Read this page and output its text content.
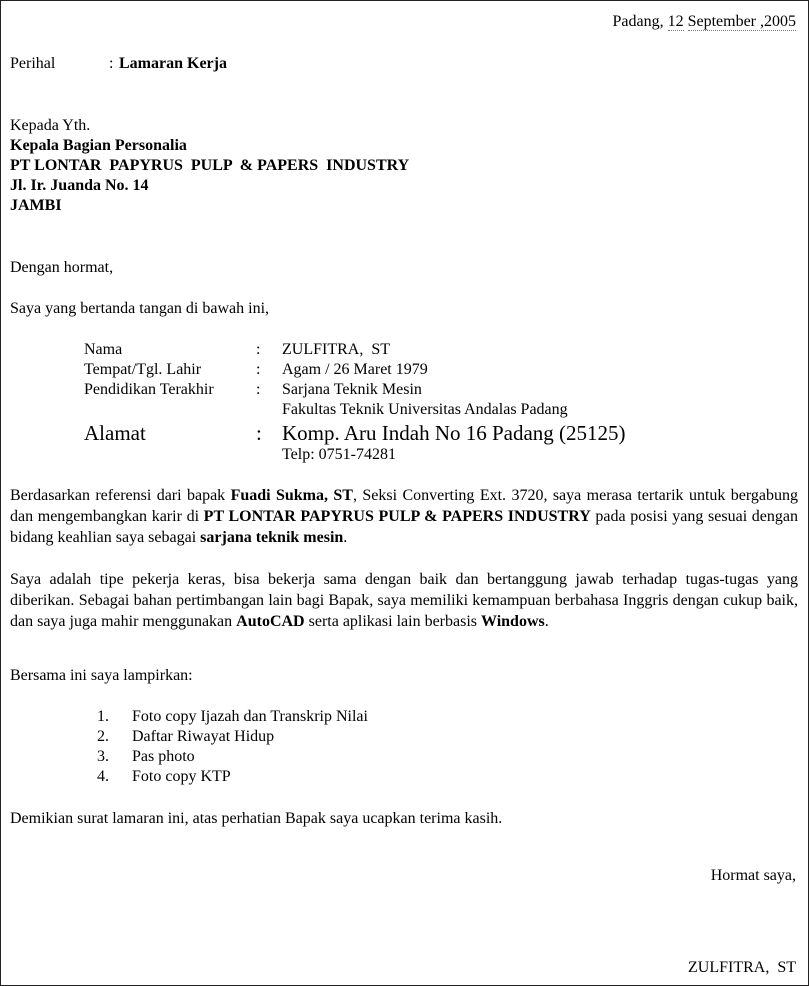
Padang, 12 September ,2005
Perihal	: Lamaran Kerja
Kepada Yth.
Kepala Bagian Personalia
PT LONTAR  PAPYRUS  PULP  & PAPERS  INDUSTRY
Jl. Ir. Juanda No. 14
JAMBI
Dengan hormat,
Saya yang bertanda tangan di bawah ini,
Nama	: ZULFITRA,  ST
Tempat/Tgl. Lahir	: Agam / 26 Maret 1979
Pendidikan Terakhir	: Sarjana Teknik Mesin
Fakultas Teknik Universitas Andalas Padang
Alamat	: Komp. Aru Indah No 16 Padang (25125)
Telp: 0751-74281
Berdasarkan referensi dari bapak Fuadi Sukma, ST, Seksi Converting Ext. 3720, saya merasa tertarik untuk bergabung dan mengembangkan karir di PT LONTAR PAPYRUS PULP & PAPERS INDUSTRY pada posisi yang sesuai dengan bidang keahlian saya sebagai sarjana teknik mesin.
Saya adalah tipe pekerja keras, bisa bekerja sama dengan baik dan bertanggung jawab terhadap tugas-tugas yang diberikan. Sebagai bahan pertimbangan lain bagi Bapak, saya memiliki kemampuan berbahasa Inggris dengan cukup baik, dan saya juga mahir menggunakan AutoCAD serta aplikasi lain berbasis Windows.
Bersama ini saya lampirkan:
1. Foto copy Ijazah dan Transkrip Nilai
2. Daftar Riwayat Hidup
3. Pas photo
4. Foto copy KTP
Demikian surat lamaran ini, atas perhatian Bapak saya ucapkan terima kasih.
Hormat saya,
ZULFITRA,  ST
